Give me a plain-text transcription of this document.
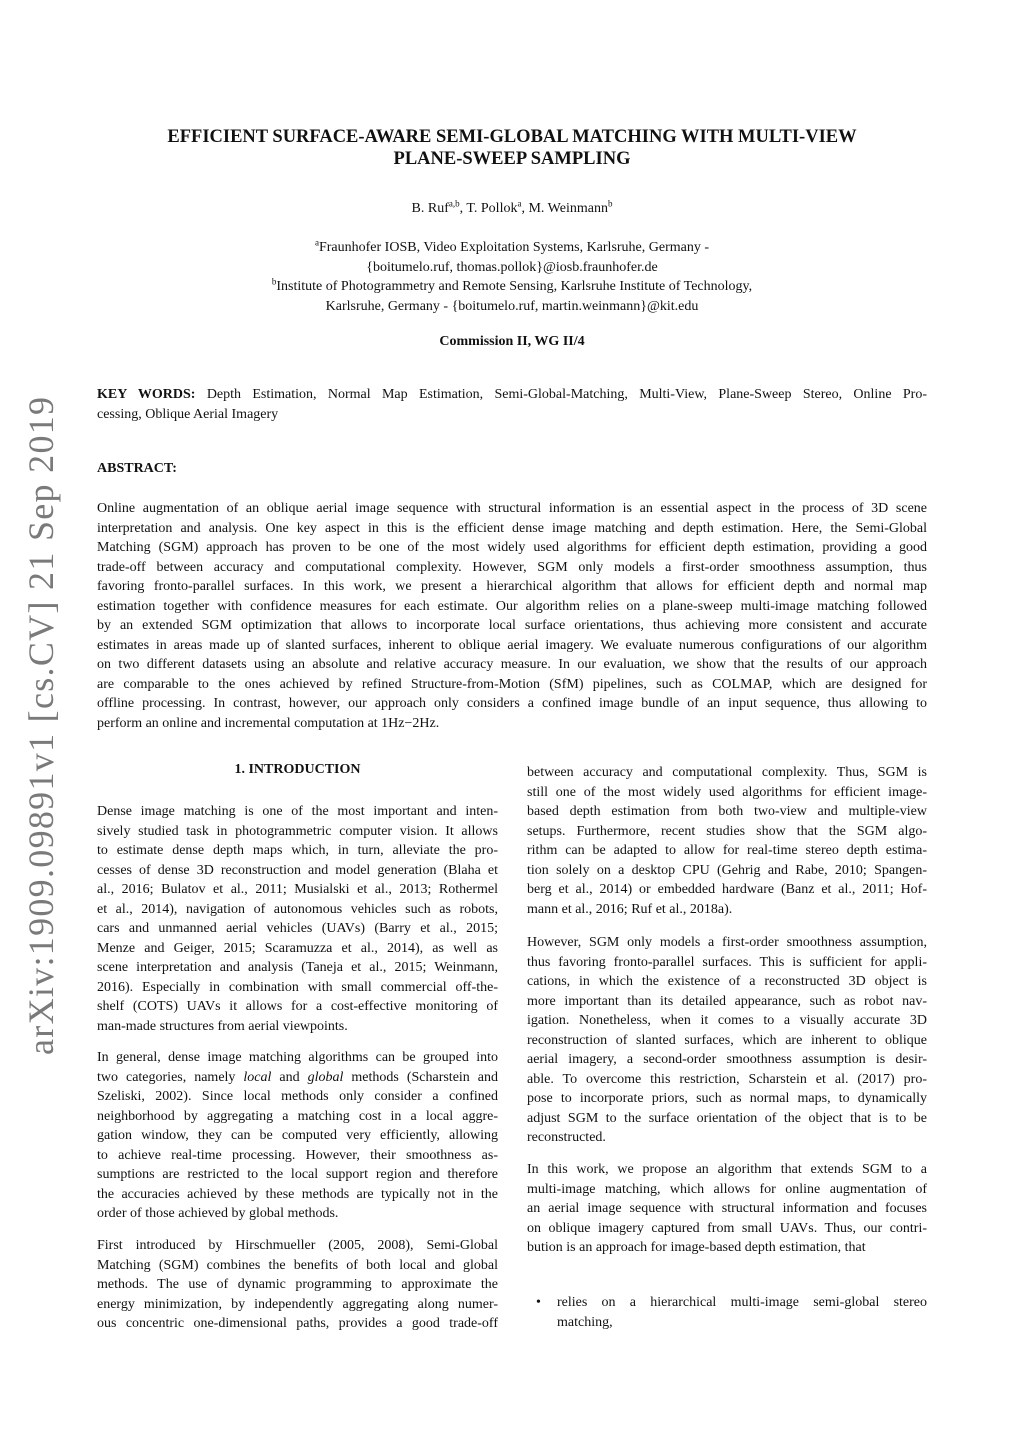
arXiv:1909.09891v1 [cs.CV] 21 Sep 2019
EFFICIENT SURFACE-AWARE SEMI-GLOBAL MATCHING WITH MULTI-VIEW
PLANE-SWEEP SAMPLING
B. Ruf$^{a,b}$, T. Pollok$^a$, M. Weinmann$^b$
$^a$Fraunhofer IOSB, Video Exploitation Systems, Karlsruhe, Germany -
{boitumelo.ruf, thomas.pollok}@iosb.fraunhofer.de
$^b$Institute of Photogrammetry and Remote Sensing, Karlsruhe Institute of Technology,
Karlsruhe, Germany - {boitumelo.ruf, martin.weinmann}@kit.edu
Commission II, WG II/4
KEY WORDS: Depth Estimation, Normal Map Estimation, Semi-Global-Matching, Multi-View, Plane-Sweep Stereo, Online Pro-
cessing, Oblique Aerial Imagery
ABSTRACT:
Online augmentation of an oblique aerial image sequence with structural information is an essential aspect in the process of 3D scene
interpretation and analysis. One key aspect in this is the efficient dense image matching and depth estimation. Here, the Semi-Global
Matching (SGM) approach has proven to be one of the most widely used algorithms for efficient depth estimation, providing a good
trade-off between accuracy and computational complexity. However, SGM only models a first-order smoothness assumption, thus
favoring fronto-parallel surfaces. In this work, we present a hierarchical algorithm that allows for efficient depth and normal map
estimation together with confidence measures for each estimate. Our algorithm relies on a plane-sweep multi-image matching followed
by an extended SGM optimization that allows to incorporate local surface orientations, thus achieving more consistent and accurate
estimates in areas made up of slanted surfaces, inherent to oblique aerial imagery. We evaluate numerous configurations of our algorithm
on two different datasets using an absolute and relative accuracy measure. In our evaluation, we show that the results of our approach
are comparable to the ones achieved by refined Structure-from-Motion (SfM) pipelines, such as COLMAP, which are designed for
offline processing. In contrast, however, our approach only considers a confined image bundle of an input sequence, thus allowing to
perform an online and incremental computation at 1Hz−2Hz.
1. INTRODUCTION
Dense image matching is one of the most important and inten-
sively studied task in photogrammetric computer vision. It allows
to estimate dense depth maps which, in turn, alleviate the pro-
cesses of dense 3D reconstruction and model generation (Blaha et
al., 2016; Bulatov et al., 2011; Musialski et al., 2013; Rothermel
et al., 2014), navigation of autonomous vehicles such as robots,
cars and unmanned aerial vehicles (UAVs) (Barry et al., 2015;
Menze and Geiger, 2015; Scaramuzza et al., 2014), as well as
scene interpretation and analysis (Taneja et al., 2015; Weinmann,
2016). Especially in combination with small commercial off-the-
shelf (COTS) UAVs it allows for a cost-effective monitoring of
man-made structures from aerial viewpoints.
In general, dense image matching algorithms can be grouped into
two categories, namely local and global methods (Scharstein and
Szeliski, 2002). Since local methods only consider a confined
neighborhood by aggregating a matching cost in a local aggre-
gation window, they can be computed very efficiently, allowing
to achieve real-time processing. However, their smoothness as-
sumptions are restricted to the local support region and therefore
the accuracies achieved by these methods are typically not in the
order of those achieved by global methods.
First introduced by Hirschmueller (2005, 2008), Semi-Global
Matching (SGM) combines the benefits of both local and global
methods. The use of dynamic programming to approximate the
energy minimization, by independently aggregating along numer-
ous concentric one-dimensional paths, provides a good trade-off
between accuracy and computational complexity. Thus, SGM is
still one of the most widely used algorithms for efficient image-
based depth estimation from both two-view and multiple-view
setups. Furthermore, recent studies show that the SGM algo-
rithm can be adapted to allow for real-time stereo depth estima-
tion solely on a desktop CPU (Gehrig and Rabe, 2010; Spangen-
berg et al., 2014) or embedded hardware (Banz et al., 2011; Hof-
mann et al., 2016; Ruf et al., 2018a).
However, SGM only models a first-order smoothness assumption,
thus favoring fronto-parallel surfaces. This is sufficient for appli-
cations, in which the existence of a reconstructed 3D object is
more important than its detailed appearance, such as robot nav-
igation. Nonetheless, when it comes to a visually accurate 3D
reconstruction of slanted surfaces, which are inherent to oblique
aerial imagery, a second-order smoothness assumption is desir-
able. To overcome this restriction, Scharstein et al. (2017) pro-
pose to incorporate priors, such as normal maps, to dynamically
adjust SGM to the surface orientation of the object that is to be
reconstructed.
In this work, we propose an algorithm that extends SGM to a
multi-image matching, which allows for online augmentation of
an aerial image sequence with structural information and focuses
on oblique imagery captured from small UAVs. Thus, our contri-
bution is an approach for image-based depth estimation, that
• relies on a hierarchical multi-image semi-global stereo
matching,
